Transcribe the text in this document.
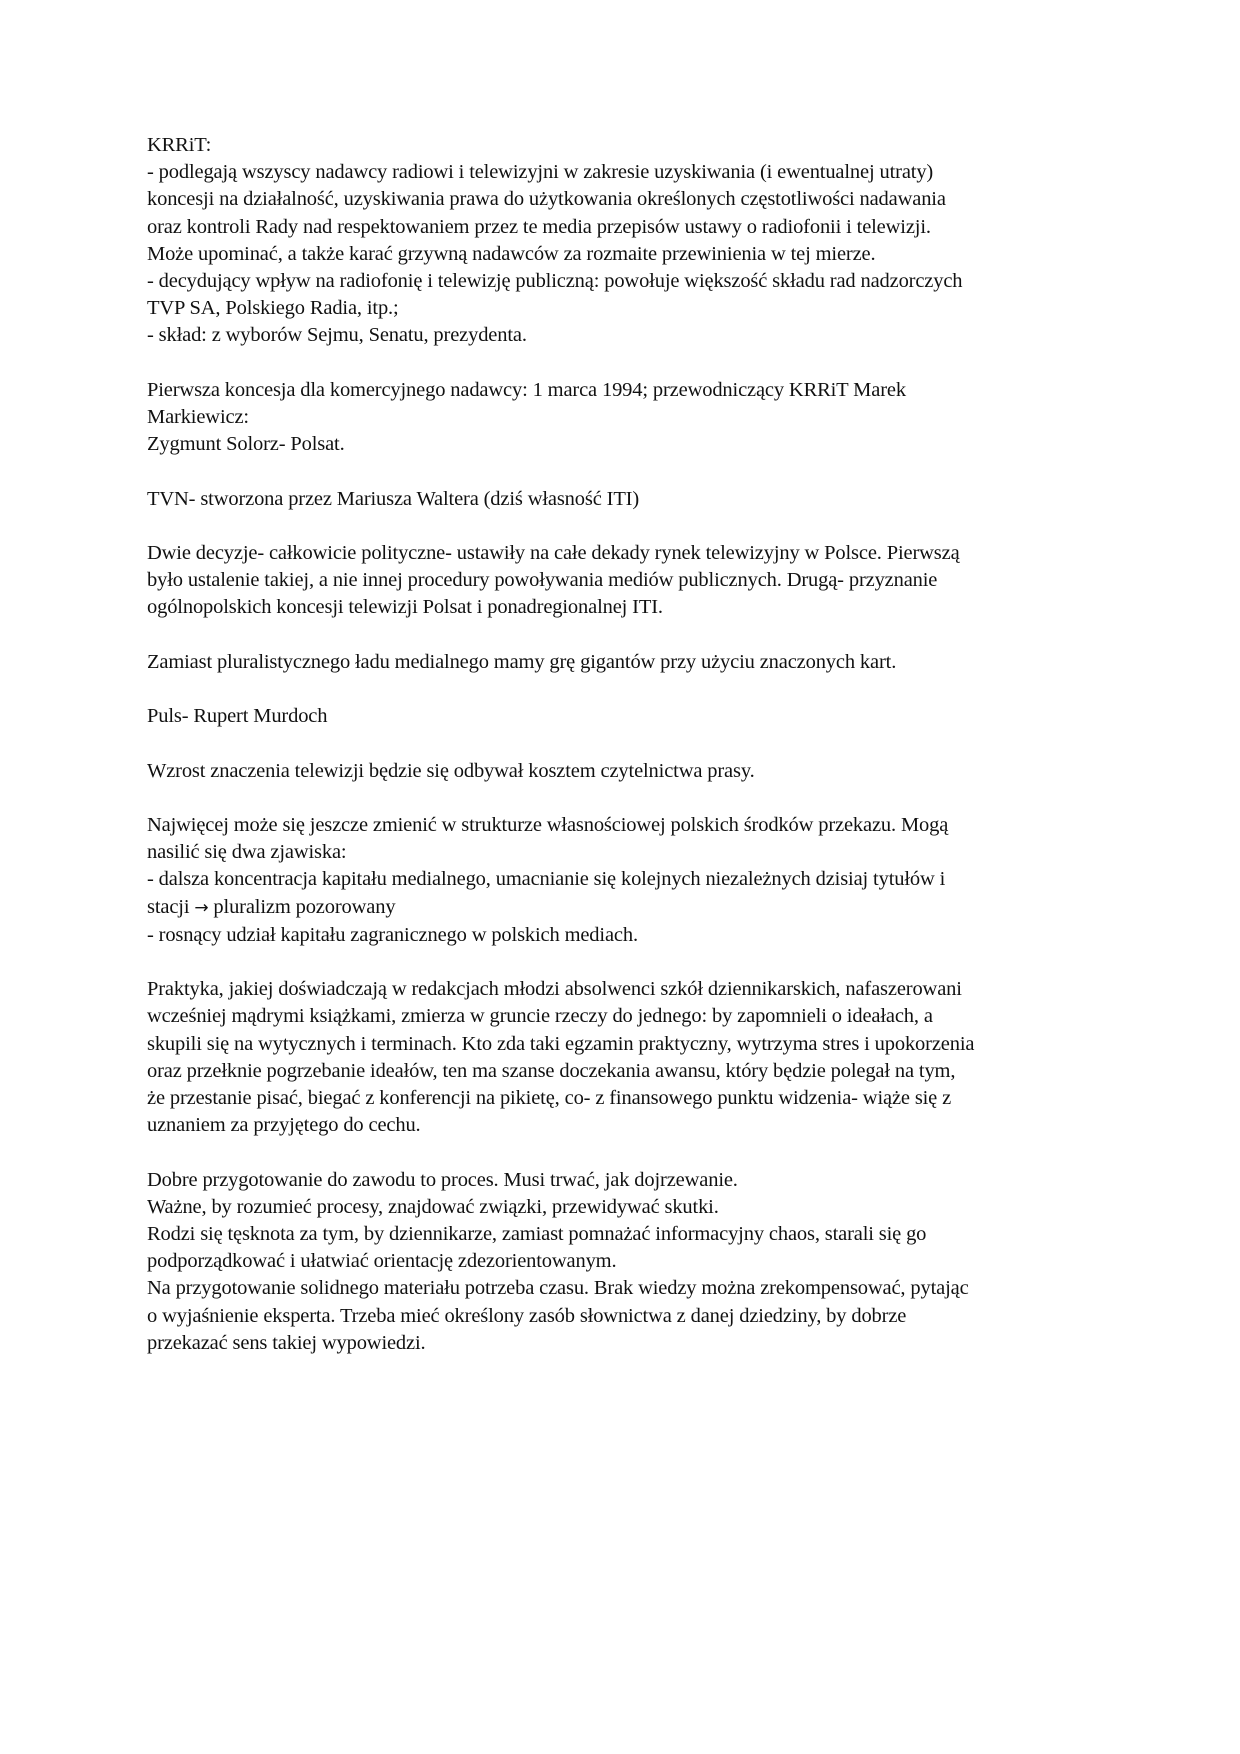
KRRiT:
- podlegają wszyscy nadawcy radiowi i telewizyjni w zakresie uzyskiwania (i ewentualnej utraty)
koncesji na działalność, uzyskiwania prawa do użytkowania określonych częstotliwości nadawania
oraz kontroli Rady nad respektowaniem przez te media przepisów ustawy o radiofonii i telewizji.
Może upominać, a także karać grzywną nadawców za rozmaite przewinienia w tej mierze.
- decydujący wpływ na radiofonię i telewizję publiczną: powołuje większość składu rad nadzorczych
TVP SA, Polskiego Radia, itp.;
- skład: z wyborów Sejmu, Senatu, prezydenta.
Pierwsza koncesja dla komercyjnego nadawcy: 1 marca 1994; przewodniczący KRRiT Marek
Markiewicz:
Zygmunt Solorz- Polsat.
TVN- stworzona przez Mariusza Waltera (dziś własność ITI)
Dwie decyzje- całkowicie polityczne- ustawiły na całe dekady rynek telewizyjny w Polsce. Pierwszą
było ustalenie takiej, a nie innej procedury powoływania mediów publicznych. Drugą- przyznanie
ogólnopolskich koncesji telewizji Polsat i ponadregionalnej ITI.
Zamiast pluralistycznego ładu medialnego mamy grę gigantów przy użyciu znaczonych kart.
Puls- Rupert Murdoch
Wzrost znaczenia telewizji będzie się odbywał kosztem czytelnictwa prasy.
Najwięcej może się jeszcze zmienić w strukturze własnościowej polskich środków przekazu. Mogą
nasilić się dwa zjawiska:
- dalsza koncentracja kapitału medialnego, umacnianie się kolejnych niezależnych dzisiaj tytułów i
stacji → pluralizm pozorowany
- rosnący udział kapitału zagranicznego w polskich mediach.
Praktyka, jakiej doświadczają w redakcjach młodzi absolwenci szkół dziennikarskich, nafaszerowani
wcześniej mądrymi książkami, zmierza w gruncie rzeczy do jednego: by zapomnieli o ideałach, a
skupili się na wytycznych i terminach. Kto zda taki egzamin praktyczny, wytrzyma stres i upokorzenia
oraz przełknie pogrzebanie ideałów, ten ma szanse doczekania awansu, który będzie polegał na tym,
że przestanie pisać, biegać z konferencji na pikietę, co- z finansowego punktu widzenia- wiąże się z
uznaniem za przyjętego do cechu.
Dobre przygotowanie do zawodu to proces. Musi trwać, jak dojrzewanie.
Ważne, by rozumieć procesy, znajdować związki, przewidywać skutki.
Rodzi się tęsknota za tym, by dziennikarze, zamiast pomnażać informacyjny chaos, starali się go
podporządkować i ułatwiać orientację zdezorientowanym.
Na przygotowanie solidnego materiału potrzeba czasu. Brak wiedzy można zrekompensować, pytając
o wyjaśnienie eksperta. Trzeba mieć określony zasób słownictwa z danej dziedziny, by dobrze
przekazać sens takiej wypowiedzi.
